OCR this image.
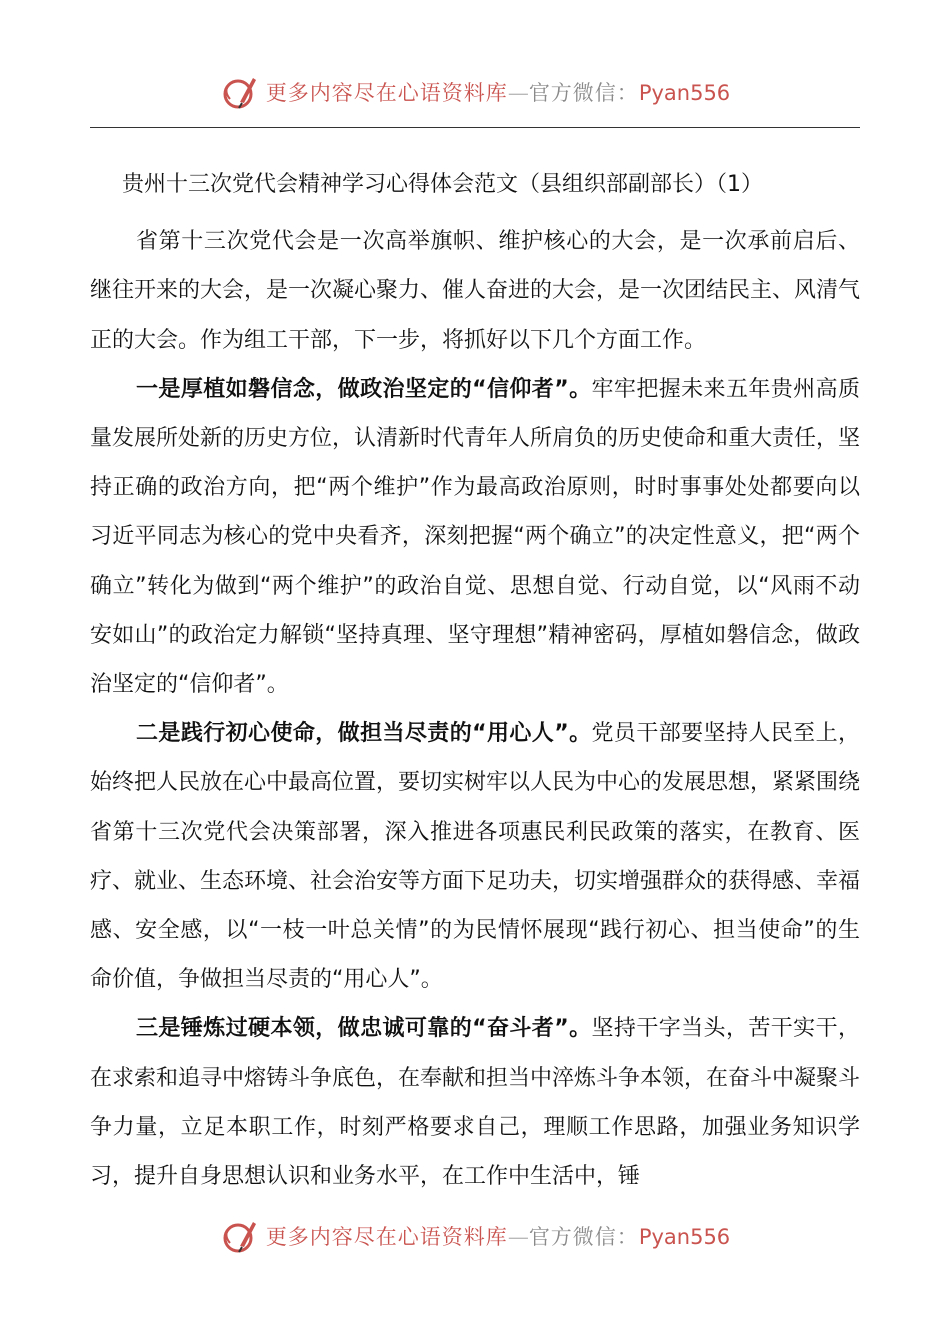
更多内容尽在心语资料库—官方微信：Pyan556
贵州十三次党代会精神学习心得体会范文（县组织部副部长）（1）

省第十三次党代会是一次高举旗帜、维护核心的大会，是一次承前启后、继往开来的大会，是一次凝心聚力、催人奋进的大会，是一次团结民主、风清气正的大会。作为组工干部，下一步，将抓好以下几个方面工作。

一是厚植如磐信念，做政治坚定的“信仰者”。牢牢把握未来五年贵州高质量发展所处新的历史方位，认清新时代青年人所肩负的历史使命和重大责任，坚持正确的政治方向，把“两个维护”作为最高政治原则，时时事事处处都要向以习近平同志为核心的党中央看齐，深刻把握“两个确立”的决定性意义，把“两个确立”转化为做到“两个维护”的政治自觉、思想自觉、行动自觉，以“风雨不动安如山”的政治定力解锁“坚持真理、坚守理想”精神密码，厚植如磐信念，做政治坚定的“信仰者”。

二是践行初心使命，做担当尽责的“用心人”。党员干部要坚持人民至上，始终把人民放在心中最高位置，要切实树牢以人民为中心的发展思想，紧紧围绕省第十三次党代会决策部署，深入推进各项惠民利民政策的落实，在教育、医疗、就业、生态环境、社会治安等方面下足功夫，切实增强群众的获得感、幸福感、安全感，以“一枝一叶总关情”的为民情怀展现“践行初心、担当使命”的生命价值，争做担当尽责的“用心人”。

三是锤炼过硬本领，做忠诚可靠的“奋斗者”。坚持干字当头，苦干实干，在求索和追寻中熔铸斗争底色，在奉献和担当中淬炼斗争本领，在奋斗中凝聚斗争力量，立足本职工作，时刻严格要求自己，理顺工作思路，加强业务知识学习，提升自身思想认识和业务水平，在工作中生活中，锤

更多内容尽在心语资料库—官方微信：Pyan556
